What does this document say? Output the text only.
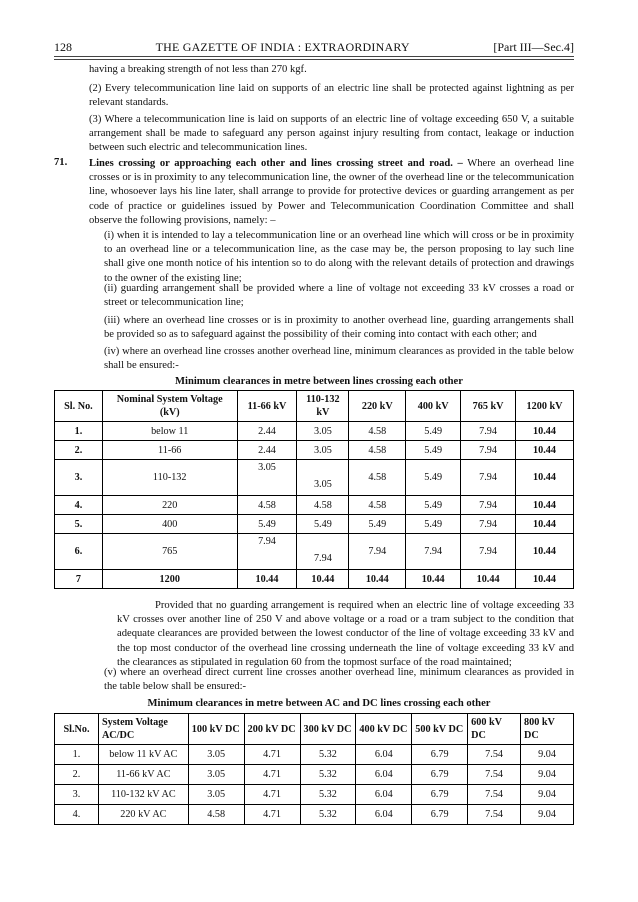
128	THE GAZETTE OF INDIA : EXTRAORDINARY	[Part III—Sec.4]
having a breaking strength of not less than 270 kgf.
(2) Every telecommunication line laid on supports of an electric line shall be protected against lightning as per relevant standards.
(3) Where a telecommunication line is laid on supports of an electric line of voltage exceeding 650 V, a suitable arrangement shall be made to safeguard any person against injury resulting from contact, leakage or induction between such electric and telecommunication lines.
71. Lines crossing or approaching each other and lines crossing street and road. – Where an overhead line crosses or is in proximity to any telecommunication line, the owner of the overhead line or the telecommunication line, whosoever lays his line later, shall arrange to provide for protective devices or guarding arrangement as per code of practice or guidelines issued by Power and Telecommunication Coordination Committee and shall observe the following provisions, namely: –
(i) when it is intended to lay a telecommunication line or an overhead line which will cross or be in proximity to an overhead line or a telecommunication line, as the case may be, the person proposing to lay such line shall give one month notice of his intention so to do along with the relevant details of protection and drawings to the owner of the existing line;
(ii) guarding arrangement shall be provided where a line of voltage not exceeding 33 kV crosses a road or street or telecommunication line;
(iii) where an overhead line crosses or is in proximity to another overhead line, guarding arrangements shall be provided so as to safeguard against the possibility of their coming into contact with each other; and
(iv) where an overhead line crosses another overhead line, minimum clearances as provided in the table below shall be ensured:-
Minimum clearances in metre between lines crossing each other
Sl. No.	Nominal System Voltage (kV)	11-66 kV	110-132 kV	220 kV	400 kV	765 kV	1200 kV
1.	below 11	2.44	3.05	4.58	5.49	7.94	10.44
2.	11-66	2.44	3.05	4.58	5.49	7.94	10.44
3.	110-132	3.05	3.05	4.58	5.49	7.94	10.44
4.	220	4.58	4.58	4.58	5.49	7.94	10.44
5.	400	5.49	5.49	5.49	5.49	7.94	10.44
6.	765	7.94	7.94	7.94	7.94	7.94	10.44
7	1200	10.44	10.44	10.44	10.44	10.44	10.44
Provided that no guarding arrangement is required when an electric line of voltage exceeding 33 kV crosses over another line of 250 V and above voltage or a road or a tram subject to the condition that adequate clearances are provided between the lowest conductor of the line of voltage exceeding 33 kV and the top most conductor of the overhead line crossing underneath the line of voltage exceeding 33 kV and the clearances as stipulated in regulation 60 from the topmost surface of the road maintained;
(v) where an overhead direct current line crosses another overhead line, minimum clearances as provided in the table below shall be ensured:-
Minimum clearances in metre between AC and DC lines crossing each other
Sl.No.	System Voltage AC/DC	100 kV DC	200 kV DC	300 kV DC	400 kV DC	500 kV DC	600 kV DC	800 kV DC
1.	below 11 kV AC	3.05	4.71	5.32	6.04	6.79	7.54	9.04
2.	11-66 kV AC	3.05	4.71	5.32	6.04	6.79	7.54	9.04
3.	110-132 kV AC	3.05	4.71	5.32	6.04	6.79	7.54	9.04
4.	220 kV AC	4.58	4.71	5.32	6.04	6.79	7.54	9.04
